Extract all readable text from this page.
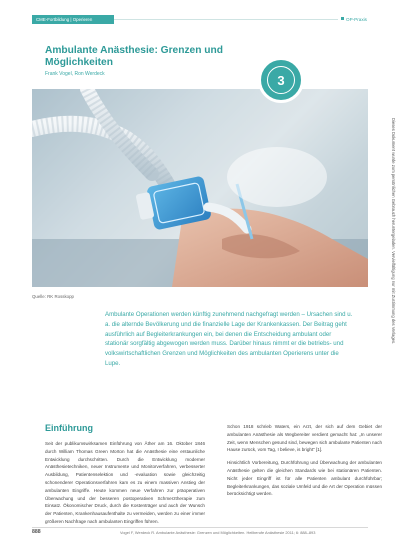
CME-Fortbildung | Operieren	OP-Praxis
Ambulante Anästhesie: Grenzen und Möglichkeiten
Frank Vogel, Ron Werdeck	3
Quelle: RK Rosskopp

Ambulante Operationen werden künftig zunehmend nachgefragt werden – Ursachen sind u. a. die alternde Bevölkerung und die finanzielle Lage der Krankenkassen. Der Beitrag geht ausführlich auf Begleiterkrankungen ein, bei denen die Entscheidung ambulant oder stationär sorgfältig abgewogen werden muss. Darüber hinaus nimmt er die betriebs- und volkswirtschaftlichen Grenzen und Möglichkeiten des ambulanten Operierens unter die Lupe.

Einführung

Seit der publikumswirksamen Einführung von Äther am 16. Oktober 1846 durch William Thomas Green Morton hat die Anästhesie eine erstaunliche Entwicklung durchschritten. Durch die Entwicklung moderner Anästhesietechniken, neuer Instrumente und Monitorverfahren, verbesserter Ausbildung, Patientenselektion und -evaluation sowie gleichzeitig schonenderer Operationsverfahren kam es zu einem massiven Anstieg der ambulanten Eingriffe. Heute kommen neue Verfahren zur präoperativen Überwachung und der besseren postoperativen Schmerztherapie zum Einsatz. Ökonomischer Druck, durch die Kostenträger und auch der Wunsch der Patienten, Krankenhausaufenthalte zu vermeiden, werden zu einer immer größeren Nachfrage nach ambulanten Eingriffen führen.

Schon 1918 schrieb Waters, ein Arzt, der sich auf dem Gebiet der ambulanten Anästhesie als Wegbereiter verdient gemacht hat: „In unserer Zeit, wenn Menschen gesund sind, bewegen sich ambulante Patienten nach Hause zurück, vom Tag, I believe, is bright“ [1].

Hinsichtlich Vorbereitung, Durchführung und Überwachung der ambulanten Anästhesie gelten die gleichen Standards wie bei stationären Patienten. Nicht jeder Eingriff ist für alle Patienten ambulant durchführbar; Begleiterkrankungen, das soziale Umfeld und die Art der Operation müssen berücksichtigt werden.

888	Vogel F, Werdeck R. Ambulante Anästhesie: Grenzen und Möglichkeiten. Heilberufe Anästhesie 2011; 6: 888–893
Dieses Dokument wurde zum persönlichen Gebrauch heruntergeladen. Vervielfältigung nur mit Zustimmung des Verlages.
